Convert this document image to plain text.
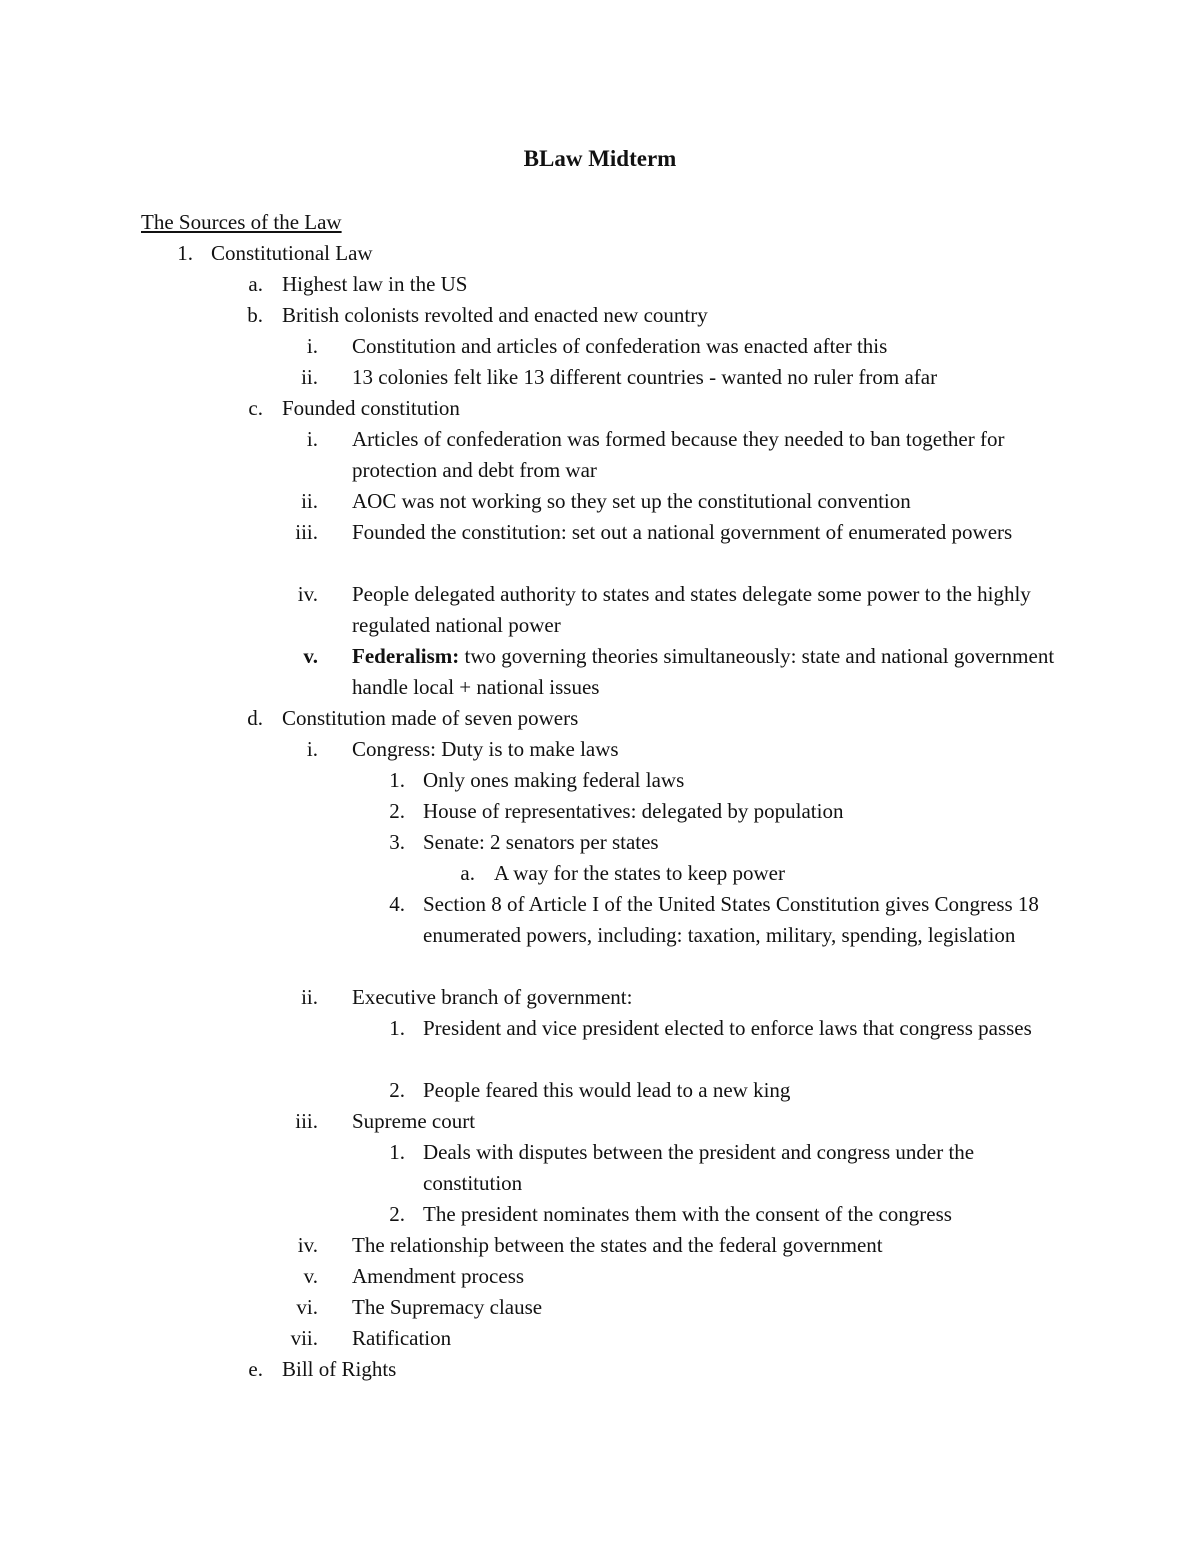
BLaw Midterm
The Sources of the Law
1. Constitutional Law
a. Highest law in the US
b. British colonists revolted and enacted new country
i. Constitution and articles of confederation was enacted after this
ii. 13 colonies felt like 13 different countries - wanted no ruler from afar
c. Founded constitution
i. Articles of confederation was formed because they needed to ban together for protection and debt from war
ii. AOC was not working so they set up the constitutional convention
iii. Founded the constitution: set out a national government of enumerated powers
iv. People delegated authority to states and states delegate some power to the highly regulated national power
v. Federalism: two governing theories simultaneously: state and national government handle local + national issues
d. Constitution made of seven powers
i. Congress: Duty is to make laws
1. Only ones making federal laws
2. House of representatives: delegated by population
3. Senate: 2 senators per states
a. A way for the states to keep power
4. Section 8 of Article I of the United States Constitution gives Congress 18 enumerated powers, including: taxation, military, spending, legislation
ii. Executive branch of government:
1. President and vice president elected to enforce laws that congress passes
2. People feared this would lead to a new king
iii. Supreme court
1. Deals with disputes between the president and congress under the constitution
2. The president nominates them with the consent of the congress
iv. The relationship between the states and the federal government
v. Amendment process
vi. The Supremacy clause
vii. Ratification
e. Bill of Rights
